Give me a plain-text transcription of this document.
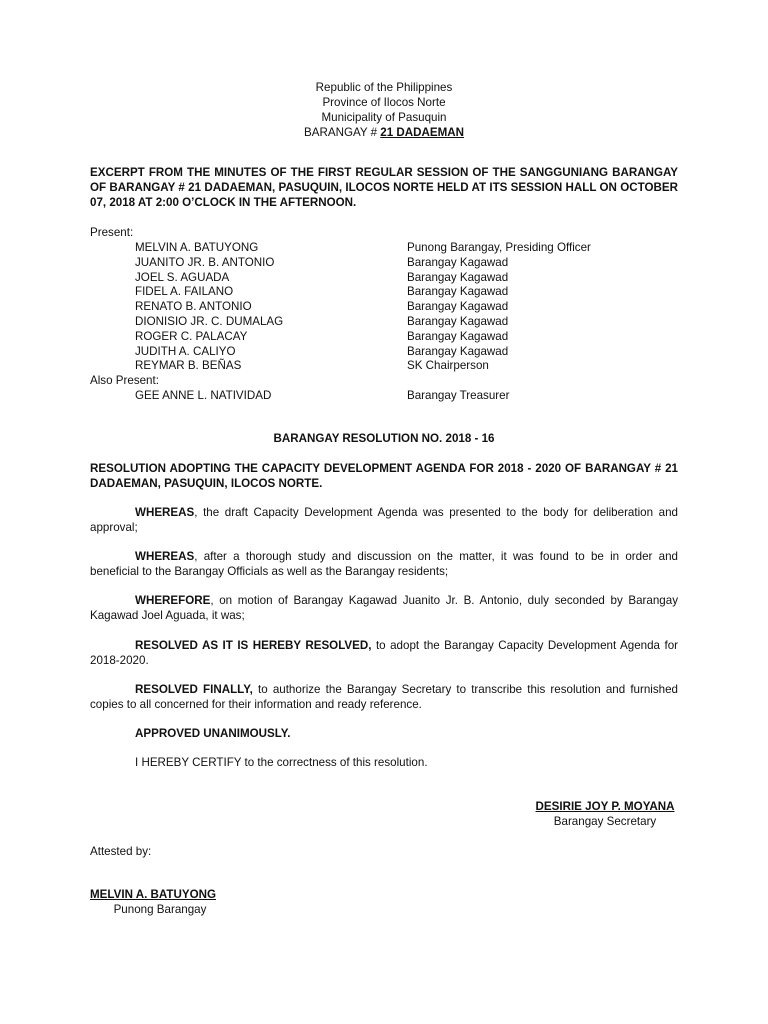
Republic of the Philippines
Province of Ilocos Norte
Municipality of Pasuquin
BARANGAY # 21 DADAEMAN
EXCERPT FROM THE MINUTES OF THE FIRST REGULAR SESSION OF THE SANGGUNIANG BARANGAY OF BARANGAY # 21 DADAEMAN, PASUQUIN, ILOCOS NORTE HELD AT ITS SESSION HALL ON OCTOBER 07, 2018 AT 2:00 O’CLOCK IN THE AFTERNOON.
Present:
MELVIN A. BATUYONG	Punong Barangay, Presiding Officer
JUANITO JR. B. ANTONIO	Barangay Kagawad
JOEL S. AGUADA	Barangay Kagawad
FIDEL A. FAILANO	Barangay Kagawad
RENATO B. ANTONIO	Barangay Kagawad
DIONISIO JR. C. DUMALAG	Barangay Kagawad
ROGER C. PALACAY	Barangay Kagawad
JUDITH A. CALIYO	Barangay Kagawad
REYMAR B. BEÑAS	SK Chairperson
Also Present:
GEE ANNE L. NATIVIDAD	Barangay Treasurer
BARANGAY RESOLUTION NO. 2018 - 16
RESOLUTION ADOPTING THE CAPACITY DEVELOPMENT AGENDA FOR 2018 - 2020 OF BARANGAY # 21 DADAEMAN, PASUQUIN, ILOCOS NORTE.
WHEREAS, the draft Capacity Development Agenda was presented to the body for deliberation and approval;
WHEREAS, after a thorough study and discussion on the matter, it was found to be in order and beneficial to the Barangay Officials as well as the Barangay residents;
WHEREFORE, on motion of Barangay Kagawad Juanito Jr. B. Antonio, duly seconded by Barangay Kagawad Joel Aguada, it was;
RESOLVED AS IT IS HEREBY RESOLVED, to adopt the Barangay Capacity Development Agenda for 2018-2020.
RESOLVED FINALLY, to authorize the Barangay Secretary to transcribe this resolution and furnished copies to all concerned for their information and ready reference.
APPROVED UNANIMOUSLY.
I HEREBY CERTIFY to the correctness of this resolution.
DESIRIE JOY P. MOYANA
Barangay Secretary
Attested by:
MELVIN A. BATUYONG
Punong Barangay
